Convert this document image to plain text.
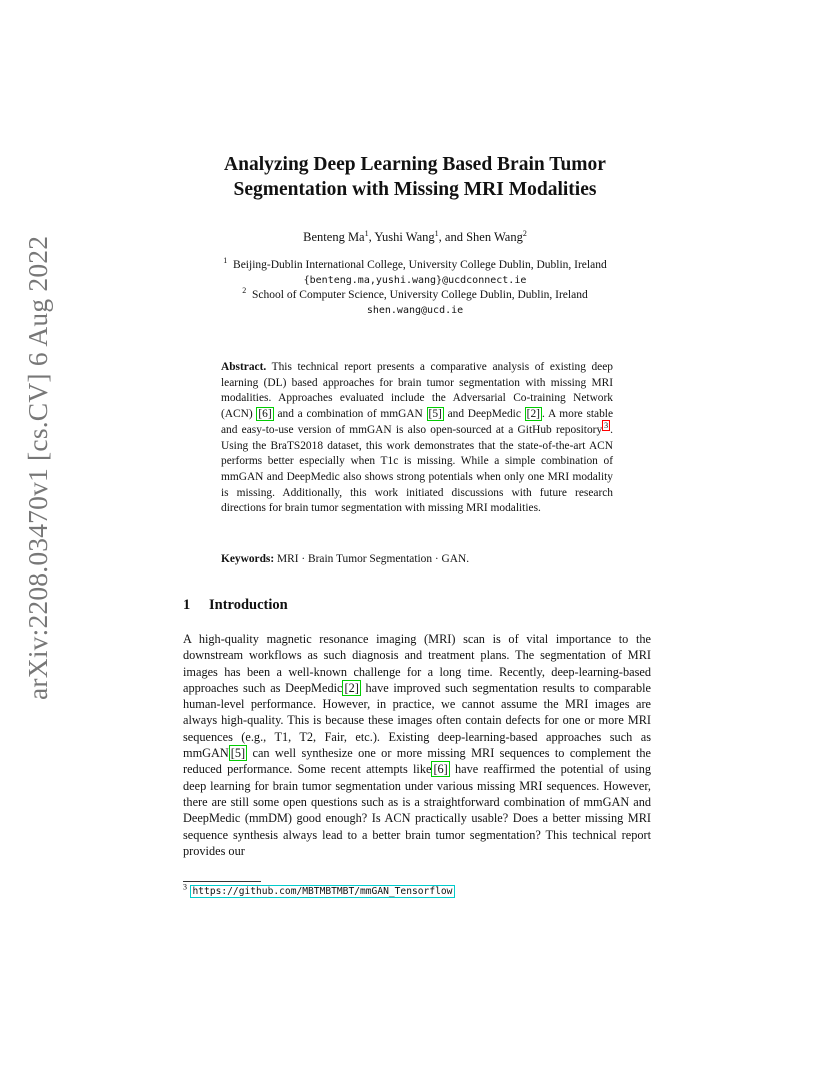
arXiv:2208.03470v1 [cs.CV] 6 Aug 2022
Analyzing Deep Learning Based Brain Tumor
Segmentation with Missing MRI Modalities
Benteng Ma$^1$, Yushi Wang$^1$, and Shen Wang$^2$
$^1$ Beijing-Dublin International College, University College Dublin, Dublin, Ireland
{benteng.ma,yushi.wang}@ucdconnect.ie
$^2$ School of Computer Science, University College Dublin, Dublin, Ireland
shen.wang@ucd.ie

Abstract. This technical report presents a comparative analysis of existing deep learning (DL) based approaches for brain tumor segmentation with missing MRI modalities. Approaches evaluated include the Adversarial Co-training Network (ACN) [6] and a combination of mmGAN [5] and DeepMedic [2] . A more stable and easy-to-use version of mmGAN is also open-sourced at a GitHub repository $^3$ . Using the BraTS2018 dataset, this work demonstrates that the state-of-the-art ACN performs better especially when T1c is missing. While a simple combination of mmGAN and DeepMedic also shows strong potentials when only one MRI modality is missing. Additionally, this work initiated discussions with future research directions for brain tumor segmentation with missing MRI modalities.

Keywords: MRI · Brain Tumor Segmentation · GAN.

1 Introduction

A high-quality magnetic resonance imaging (MRI) scan is of vital importance to the downstream workflows as such diagnosis and treatment plans. The segmentation of MRI images has been a well-known challenge for a long time. Recently, deep-learning-based approaches such as DeepMedic [2] have improved such segmentation results to comparable human-level performance. However, in practice, we cannot assume the MRI images are always high-quality. This is because these images often contain defects for one or more MRI sequences (e.g., T1, T2, Fair, etc.). Existing deep-learning-based approaches such as mmGAN [5] can well synthesize one or more missing MRI sequences to complement the reduced performance. Some recent attempts like [6] have reaffirmed the potential of using deep learning for brain tumor segmentation under various missing MRI sequences. However, there are still some open questions such as is a straightforward combination of mmGAN and DeepMedic (mmDM) good enough? Is ACN practically usable? Does a better missing MRI sequence synthesis always lead to a better brain tumor segmentation? This technical report provides our

$^3$ https://github.com/MBTMBTMBT/mmGAN_Tensorflow
